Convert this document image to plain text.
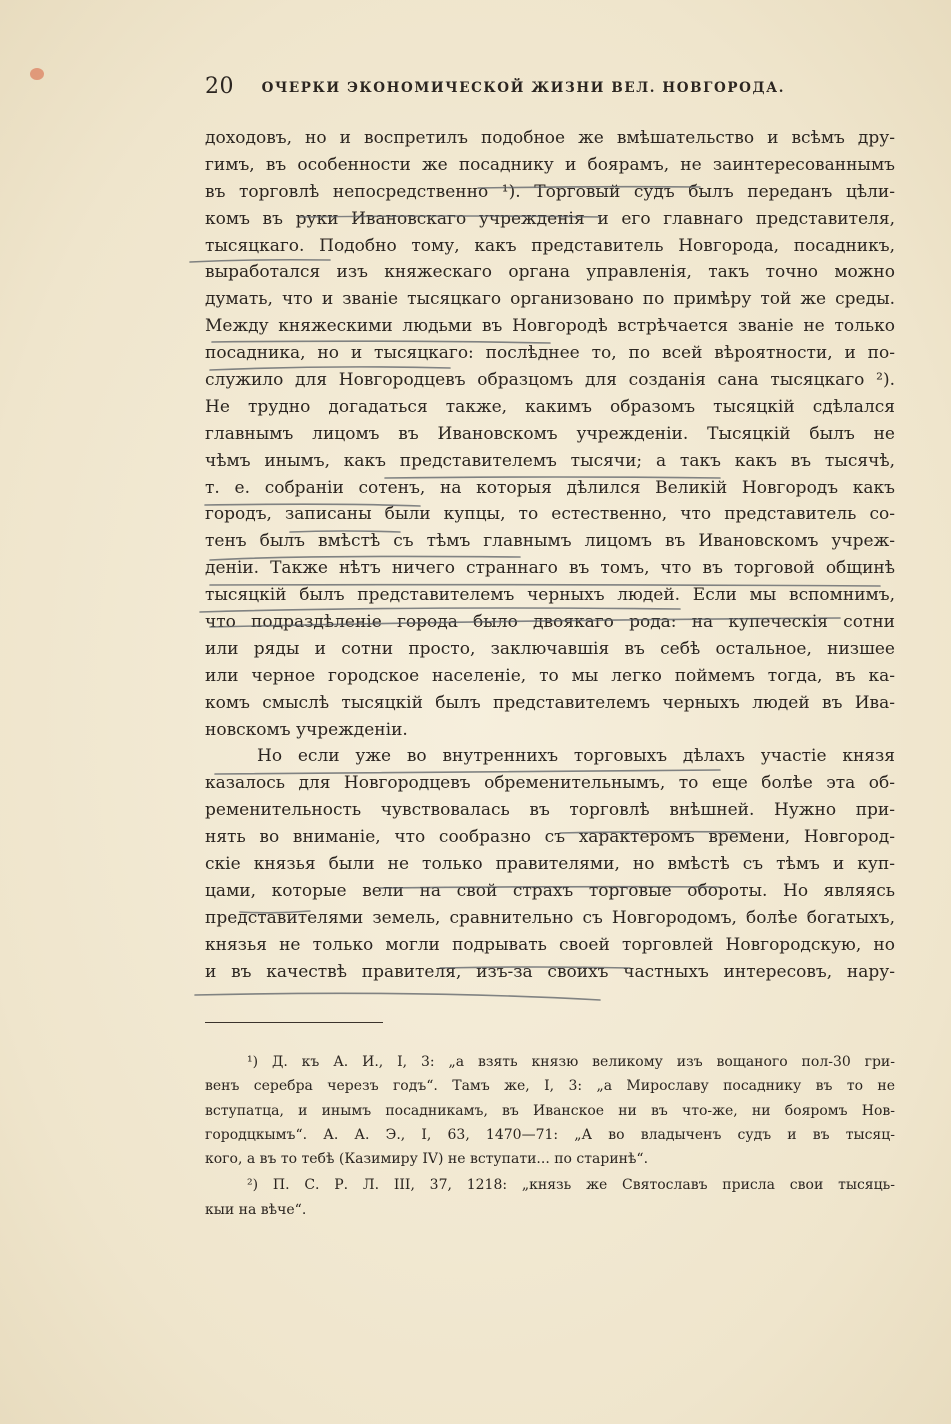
20 ОЧЕРКИ ЭКОНОМИЧЕСКОЙ ЖИЗНИ ВЕЛ. НОВГОРОДА.
доходовъ, но и воспретилъ подобное же вмѣшательство и всѣмъ дру-
гимъ, въ особенности же посаднику и боярамъ, не заинтересованнымъ
въ торговлѣ непосредственно ¹). Торговый судъ былъ переданъ цѣли-
комъ въ руки Ивановскаго учрежденія и его главнаго представителя,
тысяцкаго. Подобно тому, какъ представитель Новгорода, посадникъ,
выработался изъ княжескаго органа управленія, такъ точно можно
думать, что и званіе тысяцкаго организовано по примѣру той же среды.
Между княжескими людьми въ Новгородѣ встрѣчается званіе не только
посадника, но и тысяцкаго: послѣднее то, по всей вѣроятности, и по-
служило для Новгородцевъ образцомъ для созданія сана тысяцкаго ²).
Не трудно догадаться также, какимъ образомъ тысяцкій сдѣлался
главнымъ лицомъ въ Ивановскомъ учрежденіи. Тысяцкій былъ не
чѣмъ инымъ, какъ представителемъ тысячи; а такъ какъ въ тысячѣ,
т. е. собраніи сотенъ, на которыя дѣлился Великій Новгородъ какъ
городъ, записаны были купцы, то естественно, что представитель со-
тенъ былъ вмѣстѣ съ тѣмъ главнымъ лицомъ въ Ивановскомъ учреж-
деніи. Также нѣтъ ничего страннаго въ томъ, что въ торговой общинѣ
тысяцкій былъ представителемъ черныхъ людей. Если мы вспомнимъ,
что подраздѣленіе города было двоякаго рода: на купеческія сотни
или ряды и сотни просто, заключавшія въ себѣ остальное, низшее
или черное городское населеніе, то мы легко поймемъ тогда, въ ка-
комъ смыслѣ тысяцкій былъ представителемъ черныхъ людей въ Ива-
новскомъ учрежденіи.
Но если уже во внутреннихъ торговыхъ дѣлахъ участіе князя
казалось для Новгородцевъ обременительнымъ, то еще болѣе эта об-
ременительность чувствовалась въ торговлѣ внѣшней. Нужно при-
нять во вниманіе, что сообразно съ характеромъ времени, Новгород-
скіе князья были не только правителями, но вмѣстѣ съ тѣмъ и куп-
цами, которые вели на свой страхъ торговые обороты. Но являясь
представителями земель, сравнительно съ Новгородомъ, болѣе богатыхъ,
князья не только могли подрывать своей торговлей Новгородскую, но
и въ качествѣ правителя, изъ-за своихъ частныхъ интересовъ, нару-
¹) Д. къ А. И., I, 3: „а взять князю великому изъ вощаного пол-30 гри-
венъ серебра черезъ годъ“. Тамъ же, I, 3: „а Мирославу посаднику въ то не
вступатца, и инымъ посадникамъ, въ Иванское ни въ что-же, ни бояромъ Нов-
городцкымъ“. А. А. Э., I, 63, 1470—71: „А во владыченъ судъ и въ тысяц-
кого, а въ то тебѣ (Казимиру IV) не вступати... по старинѣ“.
²) П. С. Р. Л. III, 37, 1218: „князь же Святославъ присла свои тысяць-
кыи на вѣче“.
